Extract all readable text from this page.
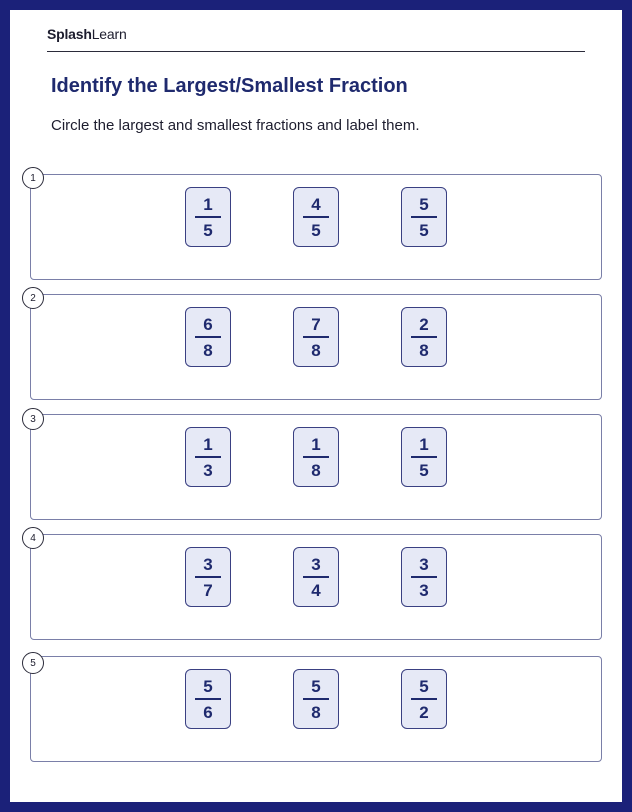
SplashLearn
Identify the Largest/Smallest Fraction
Circle the largest and smallest fractions and label them.
1
5
4
5
5
5
1
6
8
7
8
2
8
2
1
3
1
8
1
5
3
3
7
3
4
3
3
4
5
6
5
8
5
2
5
